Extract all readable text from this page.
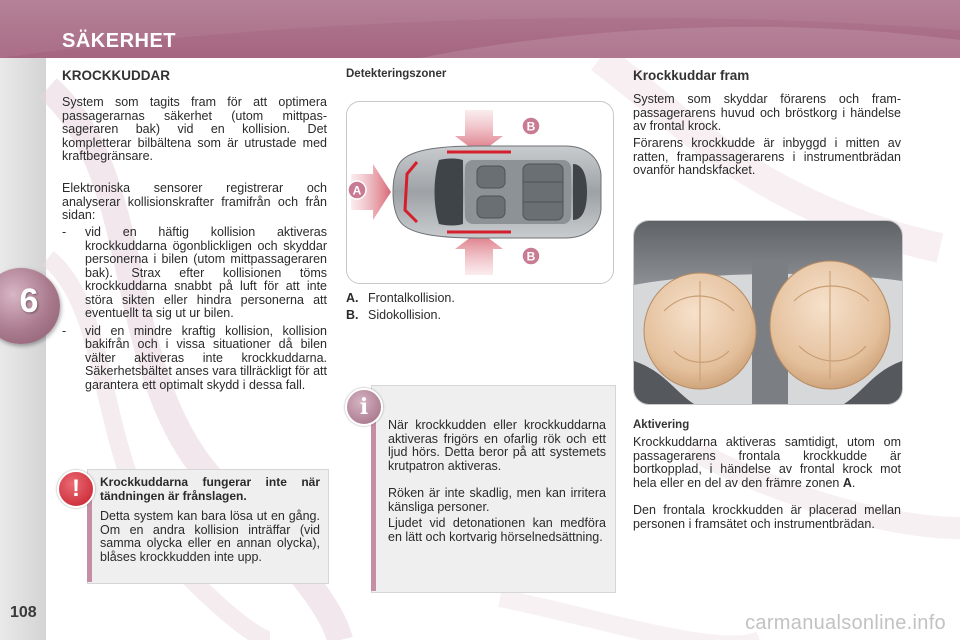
SÄKERHET
6
108
KROCKKUDDAR
System som tagits fram för att optimera passagerarnas säkerhet (utom mittpassageraren bak) vid en kollision. Det kompletterar bilbältena som är utrustade med kraftbegränsare.
Elektroniska sensorer registrerar och analyserar kollisionskrafter framifrån och från sidan:
- vid en häftig kollision aktiveras krockkuddarna ögonblickligen och skyddar personerna i bilen (utom mittpassageraren bak). Strax efter kollisionen töms krockkuddarna snabbt på luft för att inte störa sikten eller hindra personerna att eventuellt ta sig ut ur bilen.
- vid en mindre kraftig kollision, kollision bakifrån och i vissa situationer då bilen välter aktiveras inte krockkuddarna. Säkerhetsbältet anses vara tillräckligt för att garantera ett optimalt skydd i dessa fall.
!	Krockkuddarna fungerar inte när tändningen är frånslagen.
Detta system kan bara lösa ut en gång. Om en andra kollision inträffar (vid samma olycka eller en annan olycka), blåses krockkudden inte upp.
Detekteringszoner
B
B
A
A. Frontalkollision.
B. Sidokollision.
i
När krockkudden eller krockkuddarna aktiveras frigörs en ofarlig rök och ett ljud hörs. Detta beror på att systemets krutpatron aktiveras.
Röken är inte skadlig, men kan irritera känsliga personer.
Ljudet vid detonationen kan medföra en lätt och kortvarig hörselnedsättning.
Krockkuddar fram
System som skyddar förarens och frampassagerarens huvud och bröstkorg i händelse av frontal krock.
Förarens krockkudde är inbyggd i mitten av ratten, frampassagerarens i instrumentbrädan ovanför handskfacket.
Aktivering
Krockkuddarna aktiveras samtidigt, utom om passagerarens frontala krockkudde är bortkopplad, i händelse av frontal krock mot hela eller en del av den främre zonen A.
Den frontala krockkudden är placerad mellan personen i framsätet och instrumentbrädan.
carmanualsonline.info
